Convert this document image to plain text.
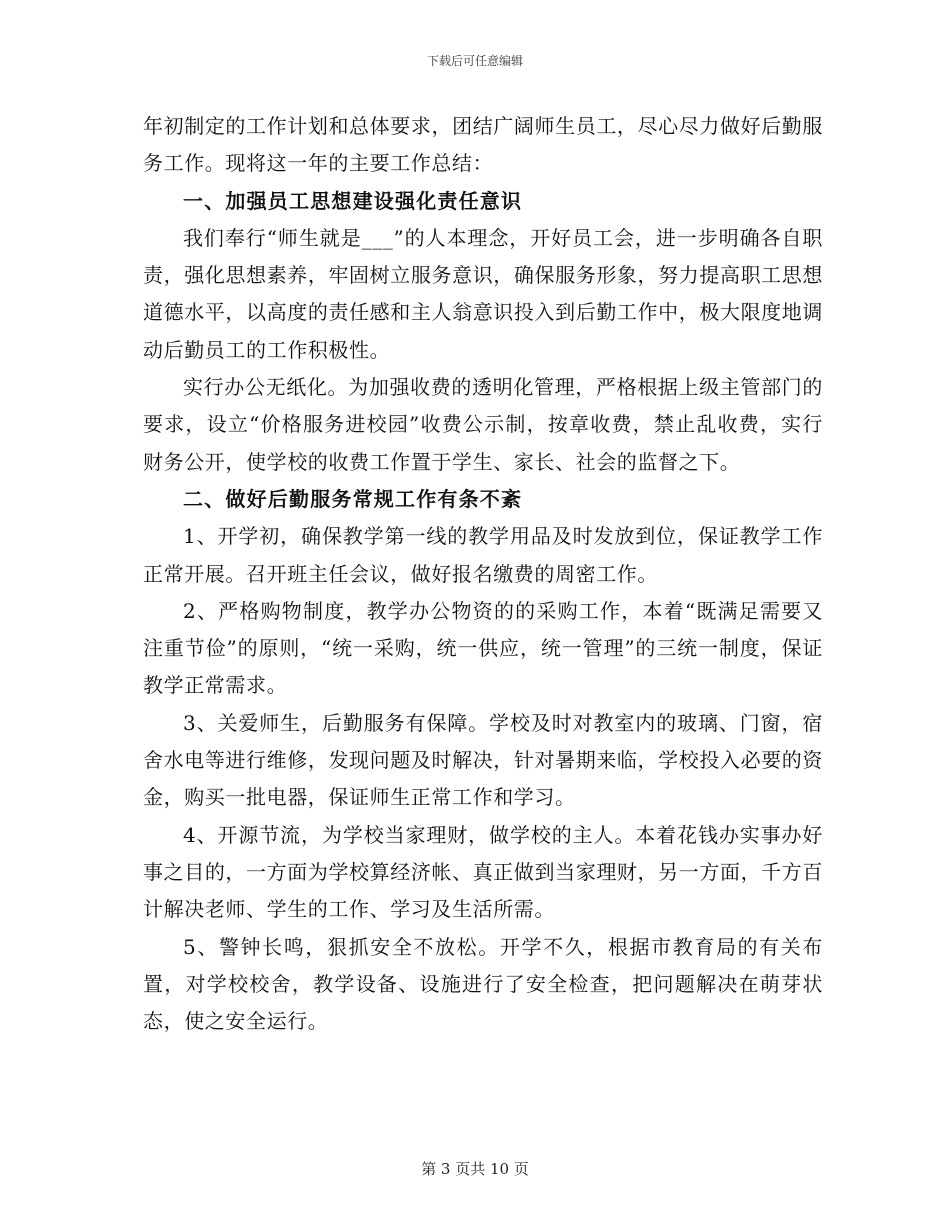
下载后可任意编辑

年初制定的工作计划和总体要求，团结广阔师生员工，尽心尽力做好后勤服务工作。现将这一年的主要工作总结：

一、加强员工思想建设强化责任意识

我们奉行“师生就是___”的人本理念，开好员工会，进一步明确各自职责，强化思想素养，牢固树立服务意识，确保服务形象，努力提高职工思想道德水平，以高度的责任感和主人翁意识投入到后勤工作中，极大限度地调动后勤员工的工作积极性。

实行办公无纸化。为加强收费的透明化管理，严格根据上级主管部门的要求，设立“价格服务进校园”收费公示制，按章收费，禁止乱收费，实行财务公开，使学校的收费工作置于学生、家长、社会的监督之下。

二、做好后勤服务常规工作有条不紊

1、开学初，确保教学第一线的教学用品及时发放到位，保证教学工作正常开展。召开班主任会议，做好报名缴费的周密工作。

2、严格购物制度，教学办公物资的的采购工作，本着“既满足需要又注重节俭”的原则，“统一采购，统一供应，统一管理”的三统一制度，保证教学正常需求。

3、关爱师生，后勤服务有保障。学校及时对教室内的玻璃、门窗，宿舍水电等进行维修，发现问题及时解决，针对暑期来临，学校投入必要的资金，购买一批电器，保证师生正常工作和学习。

4、开源节流，为学校当家理财，做学校的主人。本着花钱办实事办好事之目的，一方面为学校算经济帐、真正做到当家理财，另一方面，千方百计解决老师、学生的工作、学习及生活所需。

5、警钟长鸣，狠抓安全不放松。开学不久，根据市教育局的有关布置，对学校校舍，教学设备、设施进行了安全检查，把问题解决在萌芽状态，使之安全运行。

第 3 页共 10 页
